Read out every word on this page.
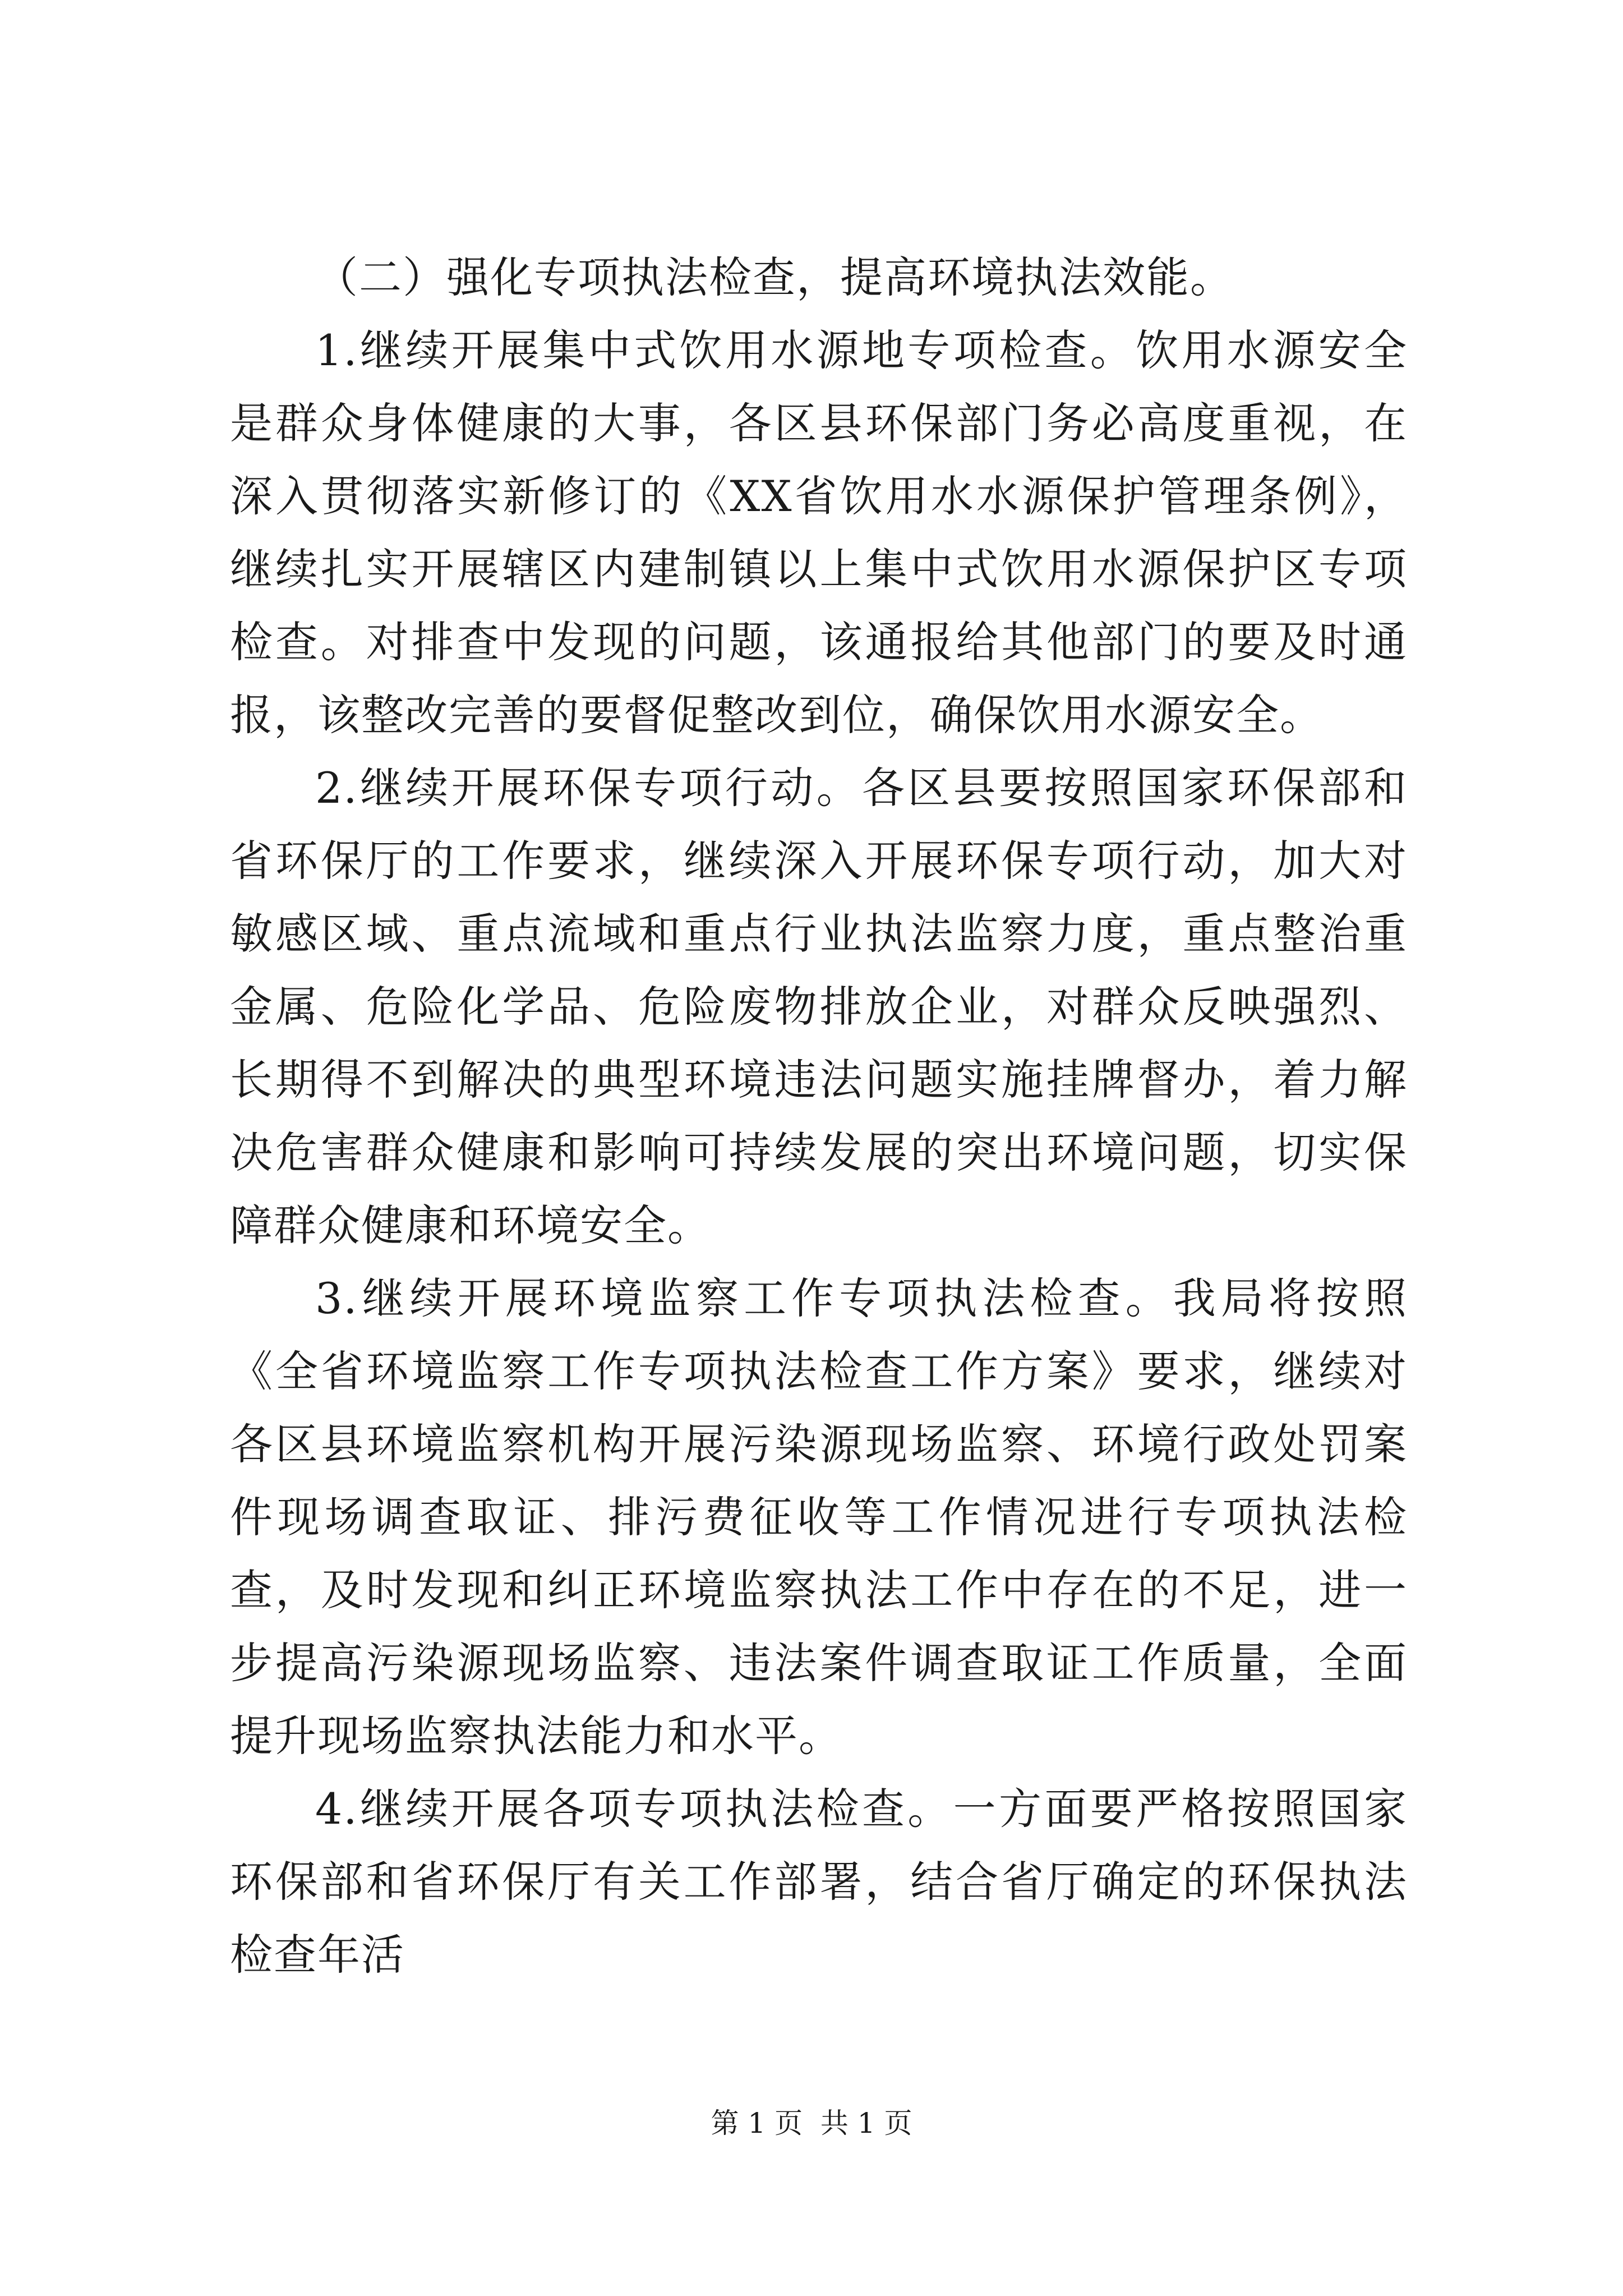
（二）强化专项执法检查，提高环境执法效能。

1.继续开展集中式饮用水源地专项检查。饮用水源安全是群众身体健康的大事，各区县环保部门务必高度重视，在深入贯彻落实新修订的《XX省饮用水水源保护管理条例》，继续扎实开展辖区内建制镇以上集中式饮用水源保护区专项检查。对排查中发现的问题，该通报给其他部门的要及时通报，该整改完善的要督促整改到位，确保饮用水源安全。

2.继续开展环保专项行动。各区县要按照国家环保部和省环保厅的工作要求，继续深入开展环保专项行动，加大对敏感区域、重点流域和重点行业执法监察力度，重点整治重金属、危险化学品、危险废物排放企业，对群众反映强烈、长期得不到解决的典型环境违法问题实施挂牌督办，着力解决危害群众健康和影响可持续发展的突出环境问题，切实保障群众健康和环境安全。

3.继续开展环境监察工作专项执法检查。我局将按照《全省环境监察工作专项执法检查工作方案》要求，继续对各区县环境监察机构开展污染源现场监察、环境行政处罚案件现场调查取证、排污费征收等工作情况进行专项执法检查，及时发现和纠正环境监察执法工作中存在的不足，进一步提高污染源现场监察、违法案件调查取证工作质量，全面提升现场监察执法能力和水平。

4.继续开展各项专项执法检查。一方面要严格按照国家环保部和省环保厅有关工作部署，结合省厅确定的环保执法检查年活

第 1 页  共 1 页
